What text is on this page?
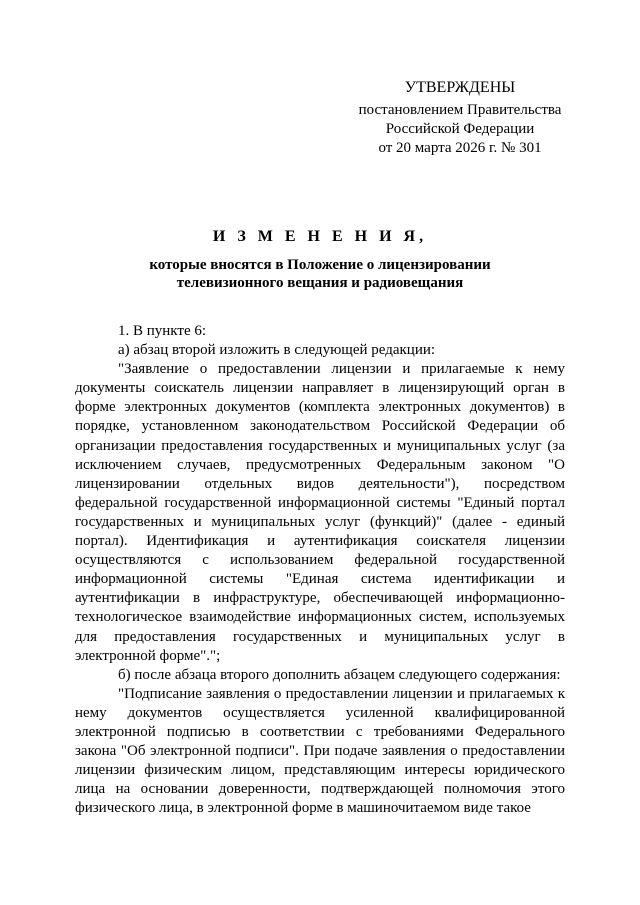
УТВЕРЖДЕНЫ
постановлением Правительства
Российской Федерации
от 20 марта 2026 г. № 301
И З М Е Н Е Н И Я,
которые вносятся в Положение о лицензировании
телевизионного вещания и радиовещания

1. В пункте 6:

а) абзац второй изложить в следующей редакции:

"Заявление о предоставлении лицензии и прилагаемые к нему документы соискатель лицензии направляет в лицензирующий орган в форме электронных документов (комплекта электронных документов) в порядке, установленном законодательством Российской Федерации об организации предоставления государственных и муниципальных услуг (за исключением случаев, предусмотренных Федеральным законом "О лицензировании отдельных видов деятельности"), посредством федеральной государственной информационной системы "Единый портал государственных и муниципальных услуг (функций)" (далее - единый портал). Идентификация и аутентификация соискателя лицензии осуществляются с использованием федеральной государственной информационной системы "Единая система идентификации и аутентификации в инфраструктуре, обеспечивающей информационно-технологическое взаимодействие информационных систем, используемых для предоставления государственных и муниципальных услуг в электронной форме".";

б) после абзаца второго дополнить абзацем следующего содержания:

"Подписание заявления о предоставлении лицензии и прилагаемых к нему документов осуществляется усиленной квалифицированной электронной подписью в соответствии с требованиями Федерального закона "Об электронной подписи". При подаче заявления о предоставлении лицензии физическим лицом, представляющим интересы юридического лица на основании доверенности, подтверждающей полномочия этого физического лица, в электронной форме в машиночитаемом виде такое
